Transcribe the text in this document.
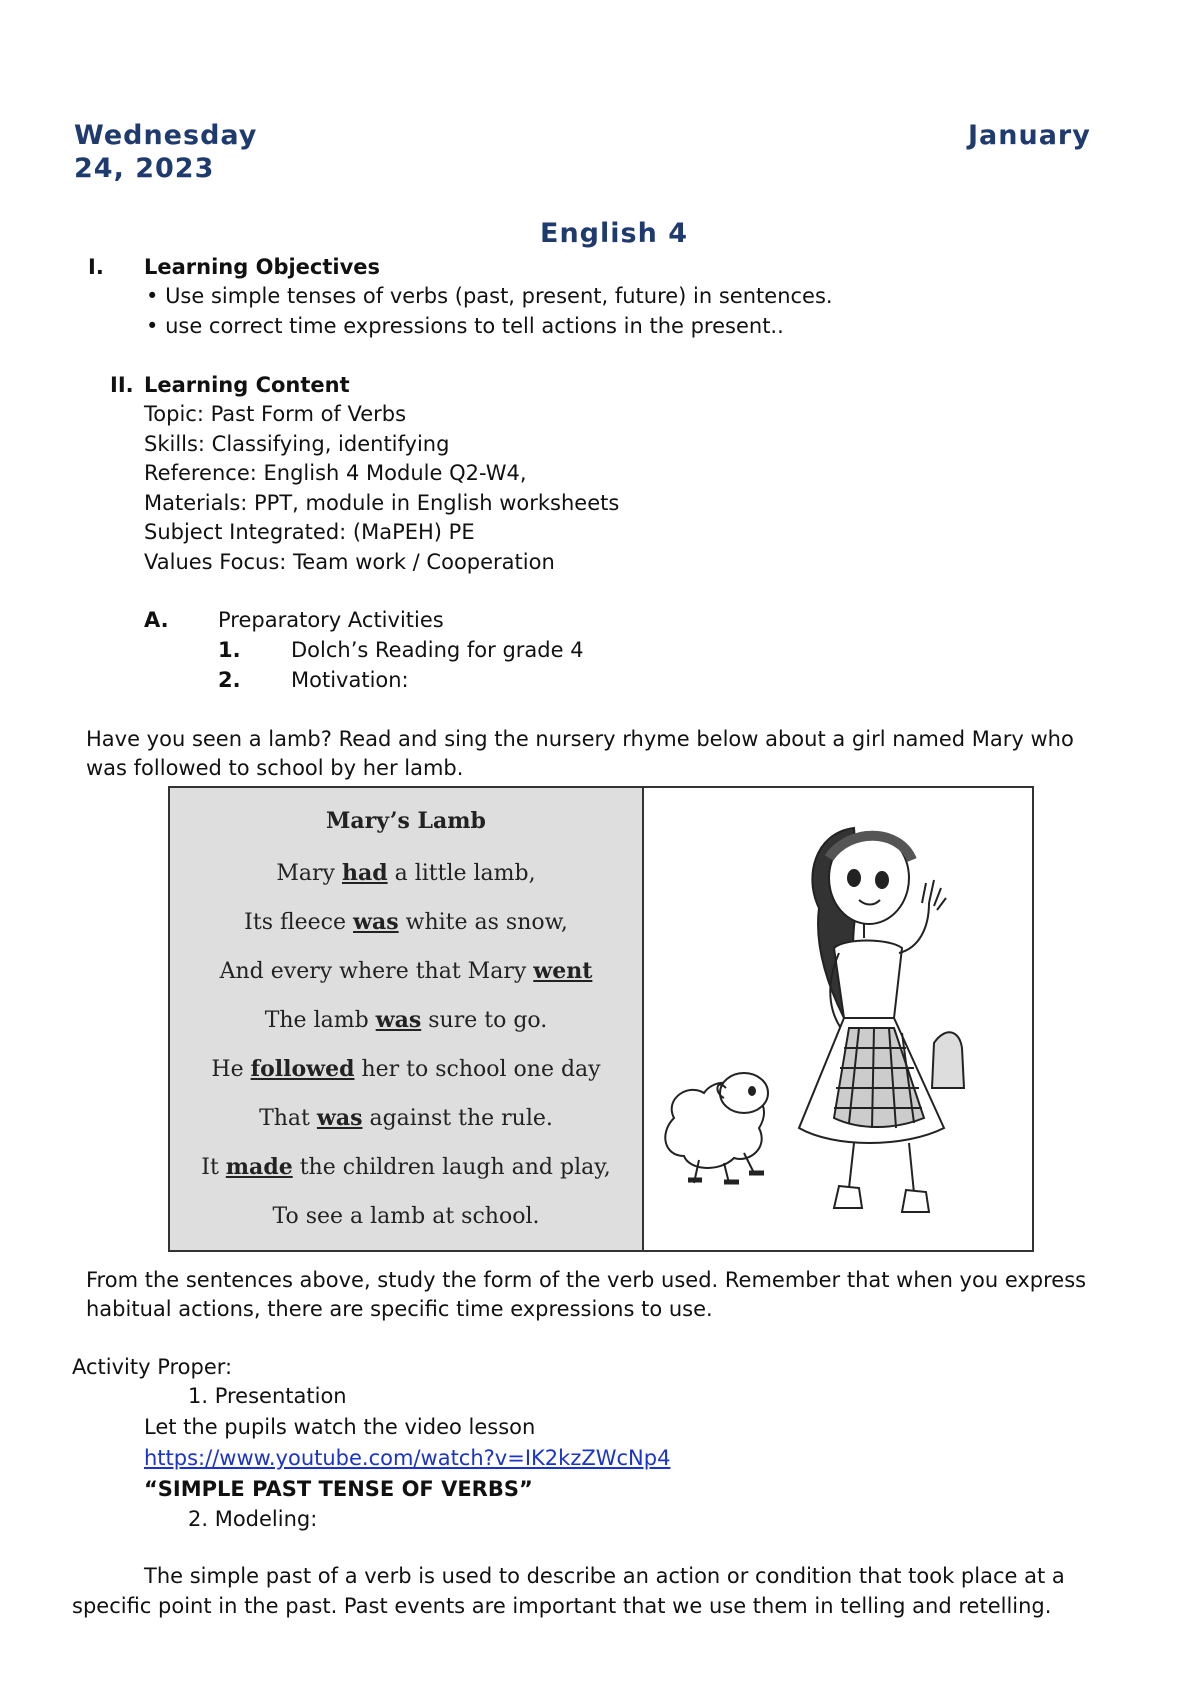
Wednesday	January
24, 2023
English 4
I. Learning Objectives
• Use simple tenses of verbs (past, present, future) in sentences.
• use correct time expressions to tell actions in the present..
II. Learning Content
Topic: Past Form of Verbs
Skills: Classifying, identifying
Reference: English 4 Module Q2-W4,
Materials: PPT, module in English worksheets
Subject Integrated: (MaPEH) PE
Values Focus: Team work / Cooperation
A. Preparatory Activities
1. Dolch’s Reading for grade 4
2. Motivation:
Have you seen a lamb? Read and sing the nursery rhyme below about a girl named Mary who
was followed to school by her lamb.
Mary’s Lamb
Mary had a little lamb,
Its fleece was white as snow,
And every where that Mary went
The lamb was sure to go.
He followed her to school one day
That was against the rule.
It made the children laugh and play,
To see a lamb at school.
From the sentences above, study the form of the verb used. Remember that when you express
habitual actions, there are specific time expressions to use.
Activity Proper:
1. Presentation
Let the pupils watch the video lesson
https://www.youtube.com/watch?v=IK2kzZWcNp4
“SIMPLE PAST TENSE OF VERBS”
2. Modeling:
The simple past of a verb is used to describe an action or condition that took place at a
specific point in the past. Past events are important that we use them in telling and retelling.
